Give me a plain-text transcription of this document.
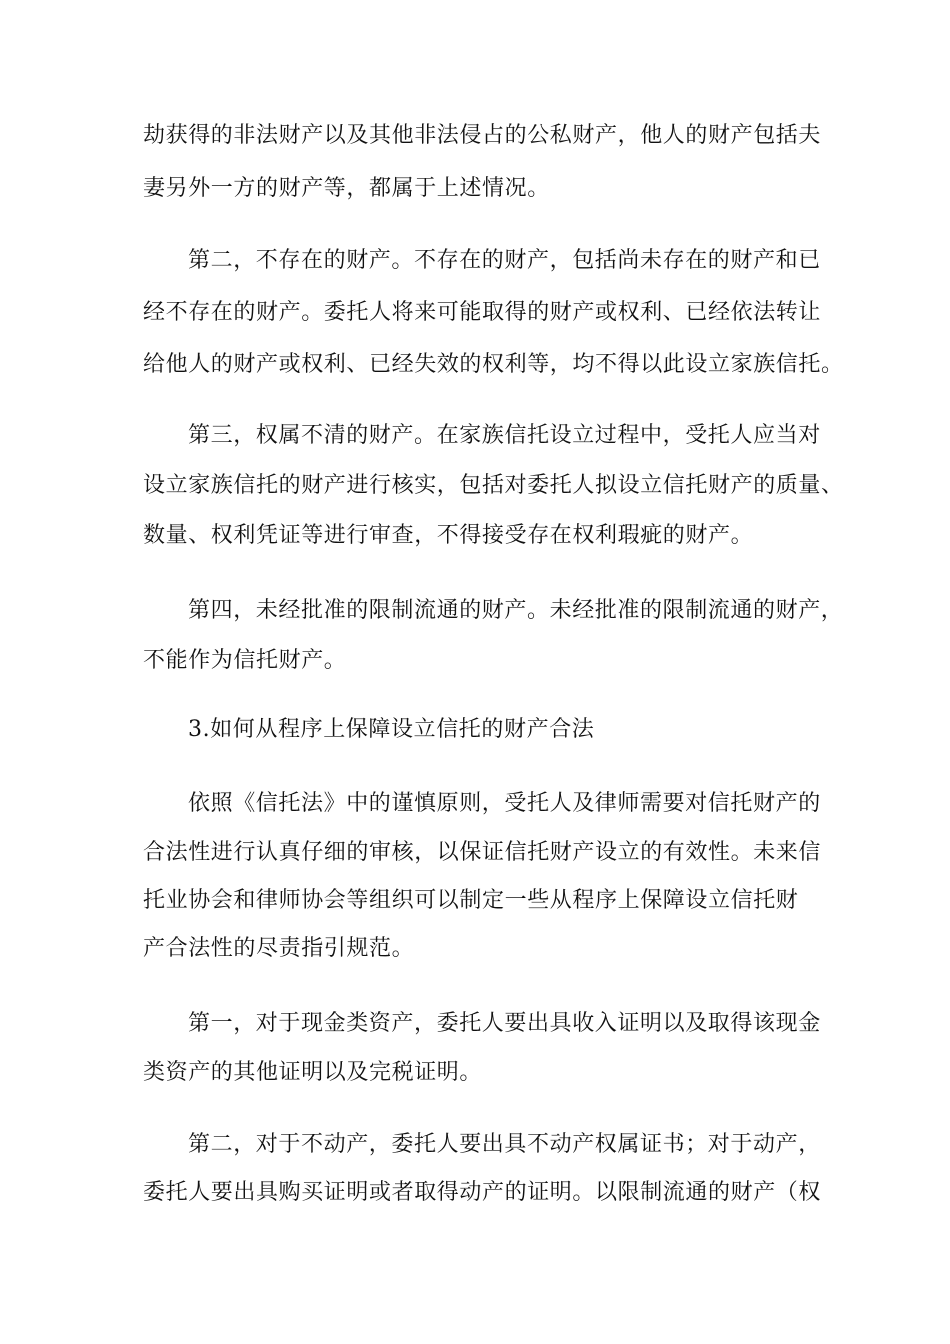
劫获得的非法财产以及其他非法侵占的公私财产，他人的财产包括夫
妻另外一方的财产等，都属于上述情况。
第二，不存在的财产。不存在的财产，包括尚未存在的财产和已
经不存在的财产。委托人将来可能取得的财产或权利、已经依法转让
给他人的财产或权利、已经失效的权利等，均不得以此设立家族信托。
第三，权属不清的财产。在家族信托设立过程中，受托人应当对
设立家族信托的财产进行核实，包括对委托人拟设立信托财产的质量、
数量、权利凭证等进行审查，不得接受存在权利瑕疵的财产。
第四，未经批准的限制流通的财产。未经批准的限制流通的财产，
不能作为信托财产。
3.如何从程序上保障设立信托的财产合法
依照《信托法》中的谨慎原则，受托人及律师需要对信托财产的
合法性进行认真仔细的审核，以保证信托财产设立的有效性。未来信
托业协会和律师协会等组织可以制定一些从程序上保障设立信托财
产合法性的尽责指引规范。
第一，对于现金类资产，委托人要出具收入证明以及取得该现金
类资产的其他证明以及完税证明。
第二，对于不动产，委托人要出具不动产权属证书；对于动产，
委托人要出具购买证明或者取得动产的证明。以限制流通的财产（权
